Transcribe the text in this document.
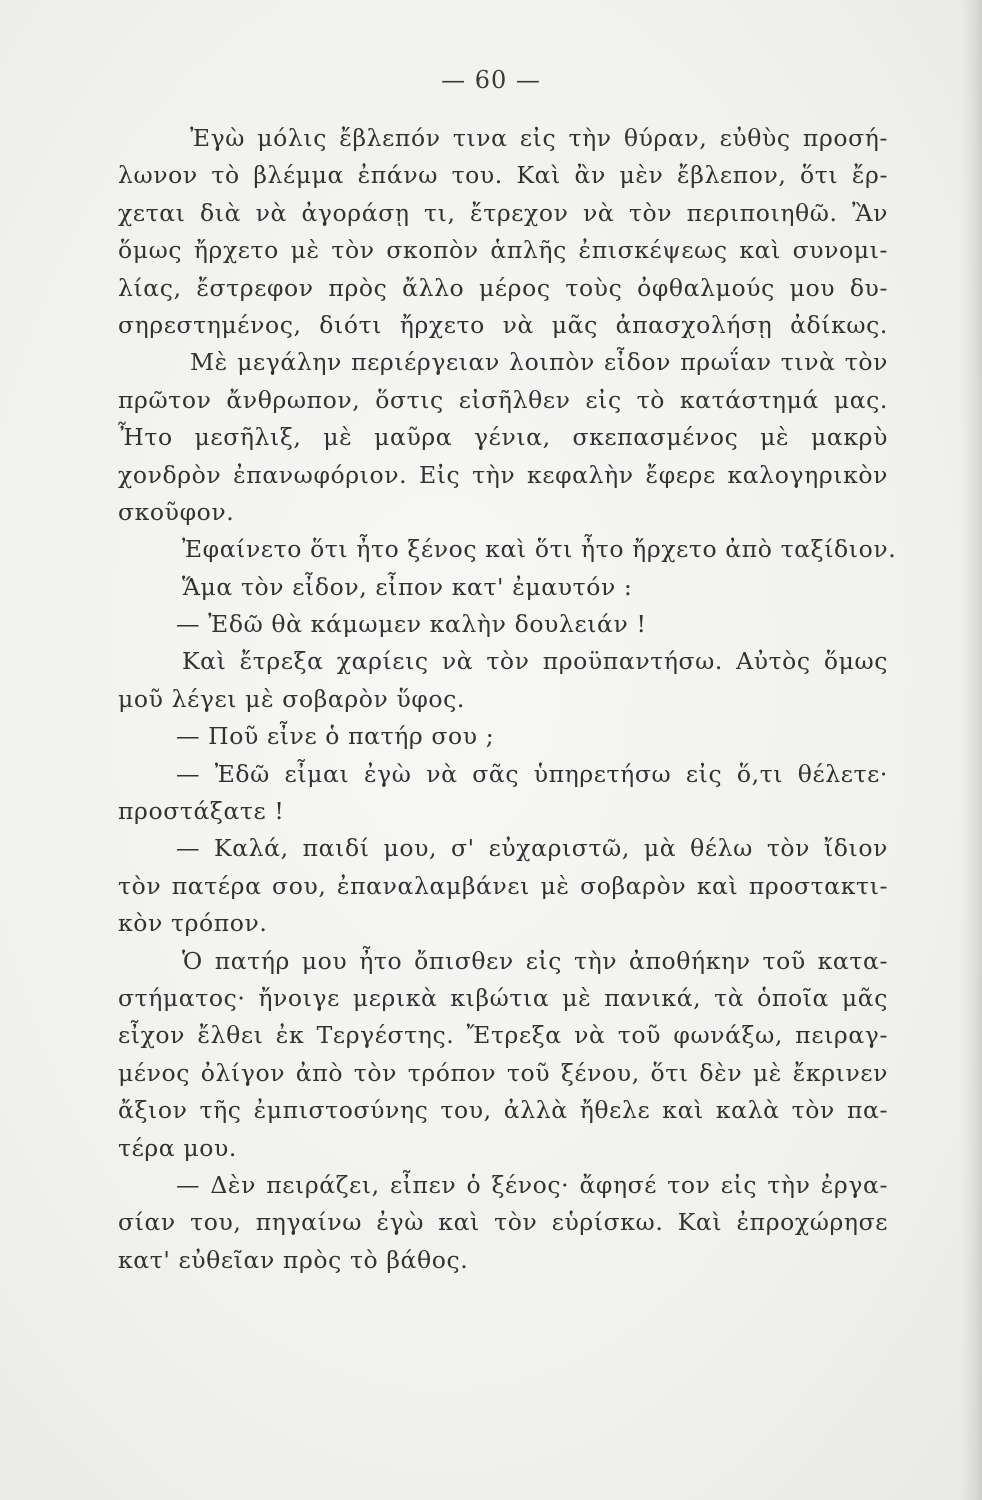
— 60 —
Ἐγὼ μόλις ἔβλεπόν τινα εἰς τὴν θύραν, εὐθὺς προσή-
λωνον τὸ βλέμμα ἐπάνω του. Καὶ ἂν μὲν ἔβλεπον, ὅτι ἔρ-
χεται διὰ νὰ ἀγοράσῃ τι, ἔτρεχον νὰ τὸν περιποιηθῶ. Ἂν
ὅμως ἤρχετο μὲ τὸν σκοπὸν ἁπλῆς ἐπισκέψεως καὶ συνομι-
λίας, ἔστρεφον πρὸς ἄλλο μέρος τοὺς ὀφθαλμούς μου δυ-
σηρεστημένος, διότι ἤρχετο νὰ μᾶς ἀπασχολήσῃ ἀδίκως.
Μὲ μεγάλην περιέργειαν λοιπὸν εἶδον πρωΐαν τινὰ τὸν
πρῶτον ἄνθρωπον, ὅστις εἰσῆλθεν εἰς τὸ κατάστημά μας.
Ἦτο μεσῆλιξ, μὲ μαῦρα γένια, σκεπασμένος μὲ μακρὺ
χονδρὸν ἐπανωφόριον. Εἰς τὴν κεφαλὴν ἔφερε καλογηρικὸν
σκοῦφον.
Ἐφαίνετο ὅτι ἦτο ξένος καὶ ὅτι ἦτο ἤρχετο ἀπὸ ταξίδιον.
Ἅμα τὸν εἶδον, εἶπον κατ' ἐμαυτόν :
— Ἐδῶ θὰ κάμωμεν καλὴν δουλειάν !
Καὶ ἔτρεξα χαρίεις νὰ τὸν προϋπαντήσω. Αὐτὸς ὅμως
μοῦ λέγει μὲ σοβαρὸν ὕφος.
— Ποῦ εἶνε ὁ πατήρ σου ;
— Ἐδῶ εἶμαι ἐγὼ νὰ σᾶς ὑπηρετήσω εἰς ὅ,τι θέλετε·
προστάξατε !
— Καλά, παιδί μου, σ' εὐχαριστῶ, μὰ θέλω τὸν ἴδιον
τὸν πατέρα σου, ἐπαναλαμβάνει μὲ σοβαρὸν καὶ προστακτι-
κὸν τρόπον.
Ὁ πατήρ μου ἦτο ὄπισθεν εἰς τὴν ἀποθήκην τοῦ κατα-
στήματος· ἤνοιγε μερικὰ κιβώτια μὲ πανικά, τὰ ὁποῖα μᾶς
εἶχον ἔλθει ἐκ Τεργέστης. Ἔτρεξα νὰ τοῦ φωνάξω, πειραγ-
μένος ὀλίγον ἀπὸ τὸν τρόπον τοῦ ξένου, ὅτι δὲν μὲ ἔκρινεν
ἄξιον τῆς ἐμπιστοσύνης του, ἀλλὰ ἤθελε καὶ καλὰ τὸν πα-
τέρα μου.
— Δὲν πειράζει, εἶπεν ὁ ξένος· ἄφησέ τον εἰς τὴν ἐργα-
σίαν του, πηγαίνω ἐγὼ καὶ τὸν εὑρίσκω. Καὶ ἐπροχώρησε
κατ' εὐθεῖαν πρὸς τὸ βάθος.
